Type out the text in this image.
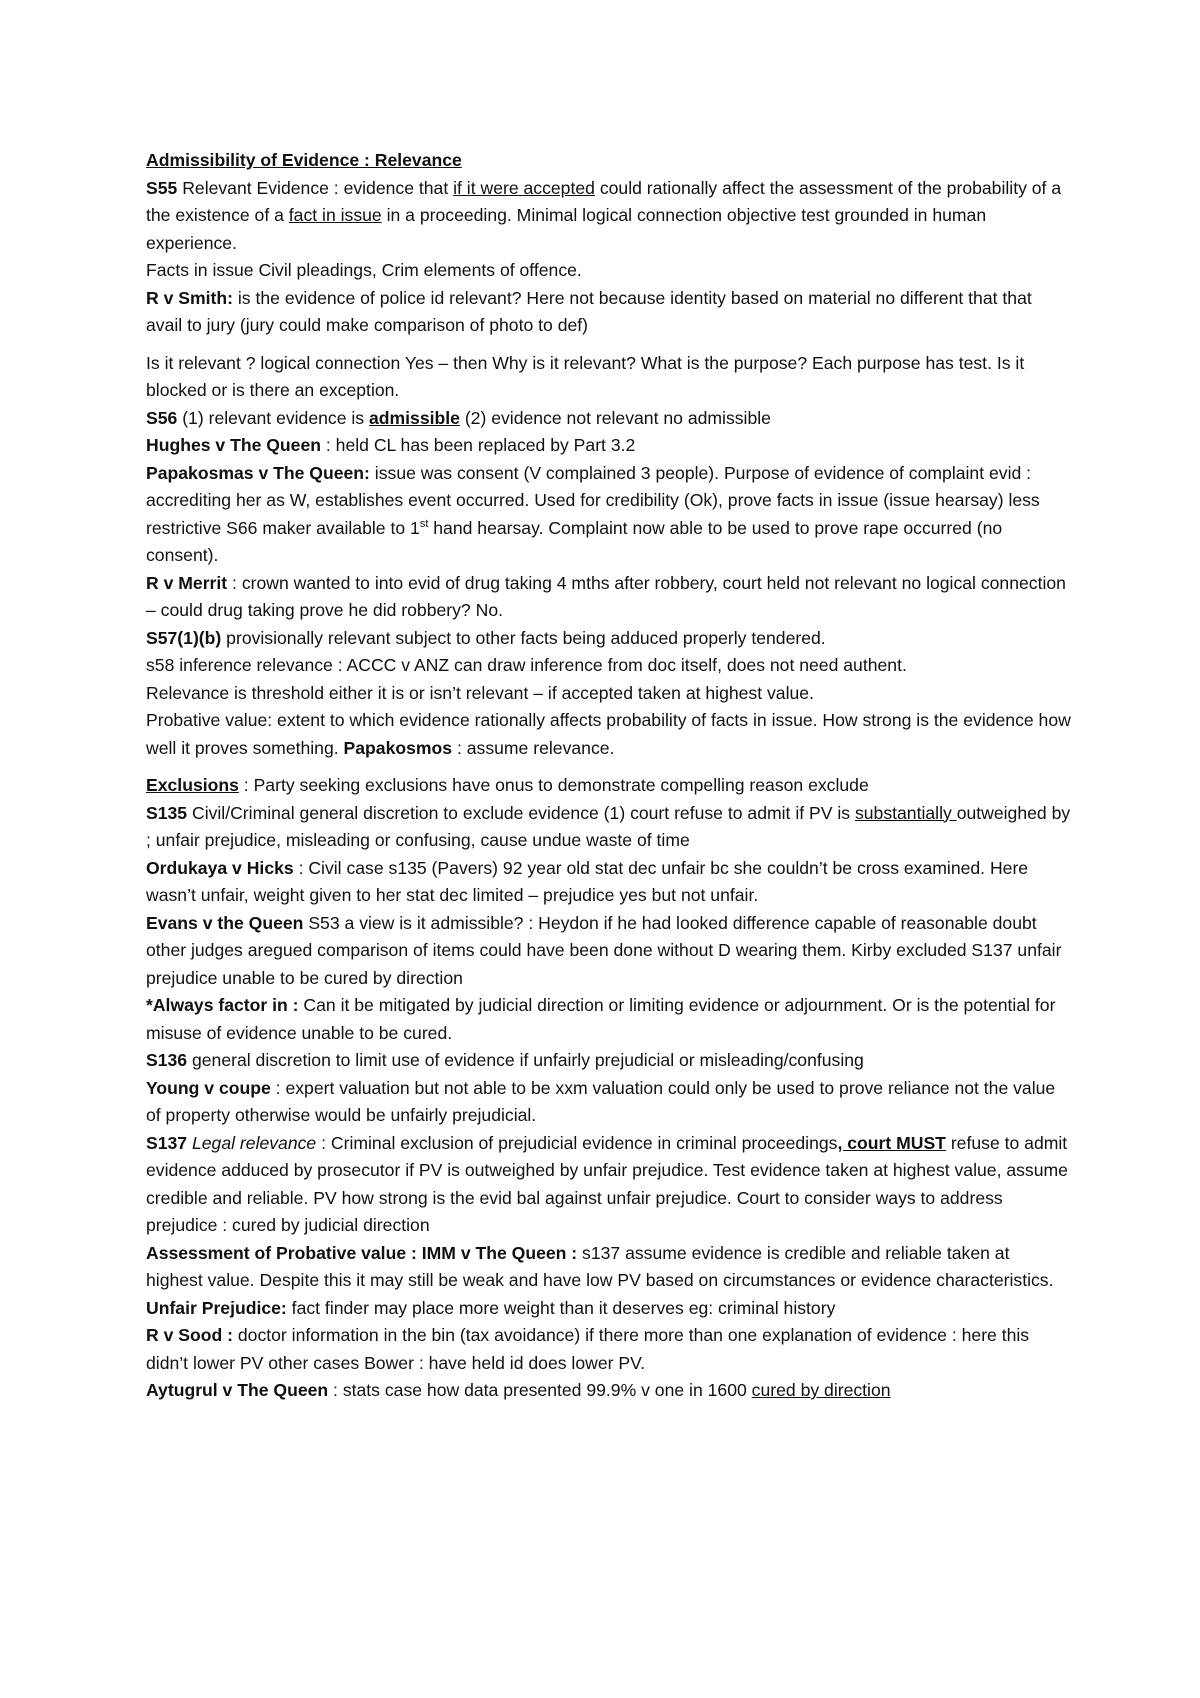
Admissibility of Evidence : Relevance

S55 Relevant Evidence : evidence that if it were accepted could rationally affect the assessment of the probability of a the existence of a fact in issue in a proceeding. Minimal logical connection objective test grounded in human experience.

Facts in issue Civil pleadings, Crim elements of offence.

R v Smith: is the evidence of police id relevant? Here not because identity based on material no different that that avail to jury (jury could make comparison of photo to def)

Is it relevant ? logical connection Yes – then Why is it relevant? What is the purpose? Each purpose has test. Is it blocked or is there an exception.

S56 (1) relevant evidence is admissible (2) evidence not relevant no admissible

Hughes v The Queen : held CL has been replaced by Part 3.2

Papakosmas v The Queen: issue was consent (V complained 3 people). Purpose of evidence of complaint evid : accrediting her as W, establishes event occurred. Used for credibility (Ok), prove facts in issue (issue hearsay) less restrictive S66 maker available to 1st hand hearsay. Complaint now able to be used to prove rape occurred (no consent).

R v Merrit : crown wanted to into evid of drug taking 4 mths after robbery, court held not relevant no logical connection – could drug taking prove he did robbery? No.

S57(1)(b) provisionally relevant subject to other facts being adduced properly tendered.

s58 inference relevance : ACCC v ANZ can draw inference from doc itself, does not need authent.

Relevance is threshold either it is or isn’t relevant – if accepted taken at highest value.

Probative value: extent to which evidence rationally affects probability of facts in issue. How strong is the evidence how well it proves something. Papakosmos : assume relevance.

Exclusions : Party seeking exclusions have onus to demonstrate compelling reason exclude

S135 Civil/Criminal general discretion to exclude evidence (1) court refuse to admit if PV is substantially outweighed by ; unfair prejudice, misleading or confusing, cause undue waste of time

Ordukaya v Hicks : Civil case s135 (Pavers) 92 year old stat dec unfair bc she couldn’t be cross examined. Here wasn’t unfair, weight given to her stat dec limited – prejudice yes but not unfair.

Evans v the Queen S53 a view is it admissible? : Heydon if he had looked difference capable of reasonable doubt other judges aregued comparison of items could have been done without D wearing them. Kirby excluded S137 unfair prejudice unable to be cured by direction

*Always factor in : Can it be mitigated by judicial direction or limiting evidence or adjournment. Or is the potential for misuse of evidence unable to be cured.

S136 general discretion to limit use of evidence if unfairly prejudicial or misleading/confusing

Young v coupe : expert valuation but not able to be xxm valuation could only be used to prove reliance not the value of property otherwise would be unfairly prejudicial.

S137 Legal relevance : Criminal exclusion of prejudicial evidence in criminal proceedings, court MUST refuse to admit evidence adduced by prosecutor if PV is outweighed by unfair prejudice. Test evidence taken at highest value, assume credible and reliable. PV how strong is the evid bal against unfair prejudice. Court to consider ways to address prejudice : cured by judicial direction

Assessment of Probative value : IMM v The Queen : s137 assume evidence is credible and reliable taken at highest value. Despite this it may still be weak and have low PV based on circumstances or evidence characteristics.

Unfair Prejudice: fact finder may place more weight than it deserves eg: criminal history

R v Sood : doctor information in the bin (tax avoidance) if there more than one explanation of evidence : here this didn’t lower PV other cases Bower : have held id does lower PV.

Aytugrul v The Queen : stats case how data presented 99.9% v one in 1600 cured by direction
